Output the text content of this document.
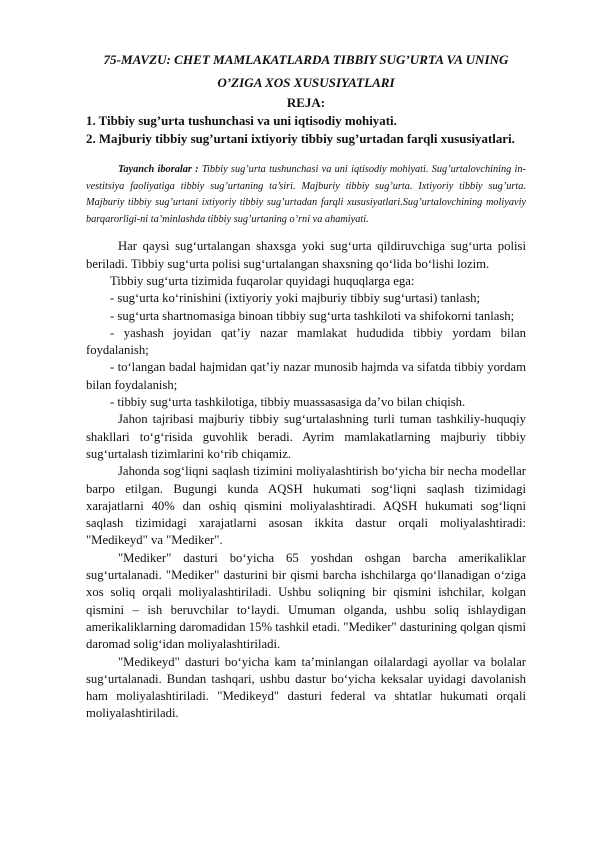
75-MAVZU: CHET MAMLAKATLARDA TIBBIY SUG’URTA VA UNING
O’ZIGA XOS XUSUSIYATLARI
REJA:
1. Tibbiy sug’urta tushunchasi va uni iqtisodiy mohiyati.
2. Majburiy tibbiy sug’urtani ixtiyoriy tibbiy sug’urtadan farqli xususiyatlari.
Tayanch iboralar : Tibbiy sug’urta tushunchasi va uni iqtisodiy mohiyati. Sug’urtalovchining in-vestitsiya faoliyatiga tibbiy sug’urtaning ta’siri. Majburiy tibbiy sug’urta. Ixtiyoriy tibbiy sug’urta. Majburiy tibbiy sug’urtani ixtiyoriy tibbiy sug’urtadan farqli xususiyatlari.Sug’urtalovchining moliyaviy barqarorligi-ni ta’minlashda tibbiy sug’urtaning o’rni va ahamiyati.

Har qaysi sug‘urtalangan shaxsga yoki sug‘urta qildiruvchiga sug‘urta polisi beriladi. Tibbiy sug‘urta polisi sug‘urtalangan shaxsning qo‘lida bo‘lishi lozim.

Tibbiy sug‘urta tizimida fuqarolar quyidagi huquqlarga ega:

- sug‘urta ko‘rinishini (ixtiyoriy yoki majburiy tibbiy sug‘urtasi) tanlash;

- sug‘urta shartnomasiga binoan tibbiy sug‘urta tashkiloti va shifokorni tanlash;

- yashash joyidan qat’iy nazar mamlakat hududida tibbiy yordam bilan foydalanish;

- to‘langan badal hajmidan qat’iy nazar munosib hajmda va sifatda tibbiy yordam bilan foydalanish;

- tibbiy sug‘urta tashkilotiga, tibbiy muassasasiga da’vo bilan chiqish.

Jahon tajribasi majburiy tibbiy sug‘urtalashning turli tuman tashkiliy-huquqiy shakllari to‘g‘risida guvohlik beradi. Ayrim mamlakatlarning majburiy tibbiy sug‘urtalash tizimlarini ko‘rib chiqamiz.

Jahonda sog‘liqni saqlash tizimini moliyalashtirish bo‘yicha bir necha modellar barpo etilgan. Bugungi kunda AQSH hukumati sog‘liqni saqlash tizimidagi xarajatlarni 40% dan oshiq qismini moliyalashtiradi. AQSH hukumati sog‘liqni saqlash tizimidagi xarajatlarni asosan ikkita dastur orqali moliyalashtiradi: "Medikeyd" va "Mediker".

"Mediker" dasturi bo‘yicha 65 yoshdan oshgan barcha amerikaliklar sug‘urtalanadi. "Mediker" dasturini bir qismi barcha ishchilarga qo‘llanadigan o‘ziga xos soliq orqali moliyalashtiriladi. Ushbu soliqning bir qismini ishchilar, kolgan qismini – ish beruvchilar to‘laydi. Umuman olganda, ushbu soliq ishlaydigan amerikaliklarning daromadidan 15% tashkil etadi. "Mediker" dasturining qolgan qismi daromad solig‘idan moliyalashtiriladi.

"Medikeyd" dasturi bo‘yicha kam ta’minlangan oilalardagi ayollar va bolalar sug‘urtalanadi. Bundan tashqari, ushbu dastur bo‘yicha keksalar uyidagi davolanish ham moliyalashtiriladi. "Medikeyd" dasturi federal va shtatlar hukumati orqali moliyalashtiriladi.
